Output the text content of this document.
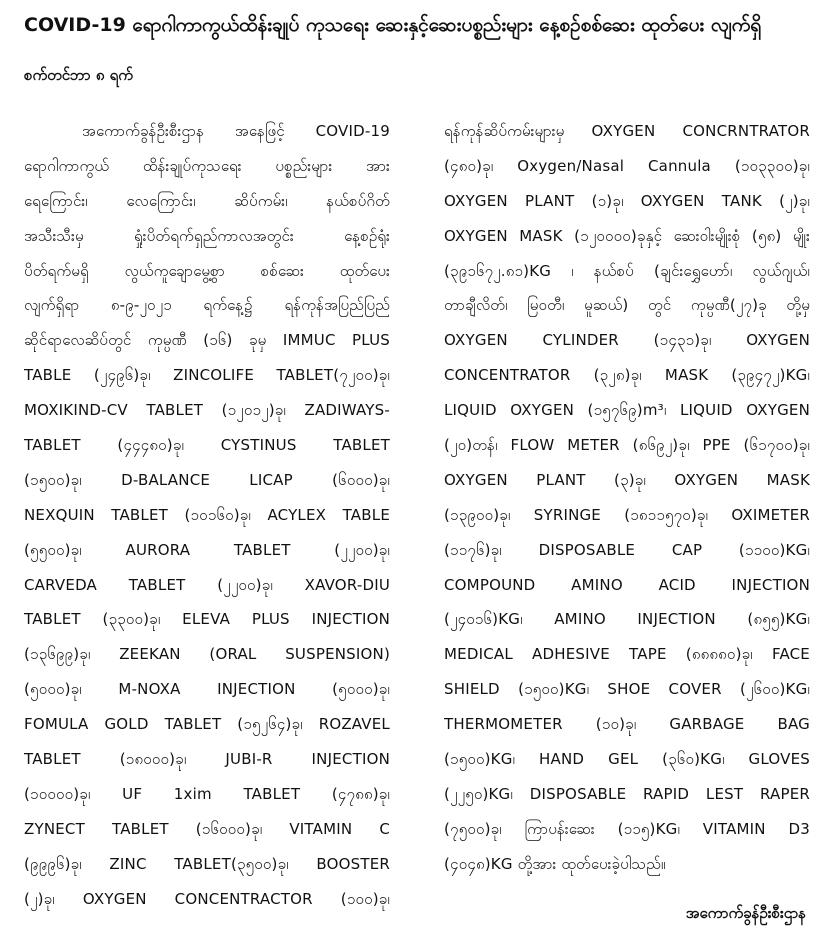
COVID-19 ရောဂါကာကွယ်ထိန်းချုပ် ကုသရေး ဆေးနှင့်ဆေးပစ္စည်းများ နေ့စဉ်စစ်ဆေး ထုတ်ပေး လျက်ရှိ
စက်တင်ဘာ ၈ ရက်
အကောက်ခွန်ဦးစီးဌာန အနေဖြင့် COVID-19
ရောဂါကာကွယ် ထိန်းချုပ်ကုသရေး ပစ္စည်းများ အား
ရေကြောင်း၊ လေကြောင်း၊ ဆိပ်ကမ်း၊ နယ်စပ်ဂိတ်
အသီးသီးမှ ရှုံးပိတ်ရက်ရှည်ကာလအတွင်း နေ့စဉ်ရုံး
ပိတ်ရက်မရှိ လွယ်ကူချောမွေ့စွာ စစ်ဆေး ထုတ်ပေး
လျက်ရှိရာ ၈-၉-၂၀၂၁ ရက်နေ့၌ ရန်ကုန်အပြည်ပြည်
ဆိုင်ရာလေဆိပ်တွင် ကုမ္ပဏီ (၁၆) ခုမှ IMMUC PLUS
TABLE (၂၄၉၆)ခု၊ ZINCOLIFE TABLET(၇၂၀၀)ခု၊
MOXIKIND-CV TABLET (၁၂၀၁၂)ခု၊ ZADIWAYS-
TABLET (၄၄၄၈၀)ခု၊ CYSTINUS TABLET
(၁၅၀၀)ခု၊ D-BALANCE LICAP (၆၀၀၀)ခု၊
NEXQUIN TABLET (၁၀၁၆၀)ခု၊ ACYLEX TABLE
(၅၅၀၀)ခု၊ AURORA TABLET (၂၂၀၀)ခု၊
CARVEDA TABLET (၂၂၀၀)ခု၊ XAVOR-DIU
TABLET (၃၃၀၀)ခု၊ ELEVA PLUS INJECTION
(၁၃၆၉၉)ခု၊ ZEEKAN (ORAL SUSPENSION)
(၅၀၀၀)ခု၊ M-NOXA INJECTION (၅၀၀၀)ခု၊
FOMULA GOLD TABLET (၁၅၂၆၄)ခု၊ ROZAVEL
TABLET (၁၈၀၀၀)ခု၊ JUBI-R INJECTION
(၁၀၀၀၀)ခု၊ UF 1xim TABLET (၄၇၈၈)ခု၊
ZYNECT TABLET (၁၆၀၀၀)ခု၊ VITAMIN C
(၉၉၉၆)ခု၊ ZINC TABLET(၃၅၀၀)ခု၊ BOOSTER
(၂)ခု၊ OXYGEN CONCENTRACTOR (၁၀၀)ခု၊
ရန်ကုန်ဆိပ်ကမ်းများမှ OXYGEN CONCRNTRATOR
(၄၈၀)ခု၊ Oxygen/Nasal Cannula (၁၀၃၃၀၀)ခု၊
OXYGEN PLANT (၁)ခု၊ OXYGEN TANK (၂)ခု၊
OXYGEN MASK (၁၂၀၀၀၀)ခုနှင့် ဆေးဝါးမျိုးစုံ (၅၈) မျိုး
(၃၉၁၆၇၂.၈၁)KG ၊ နယ်စပ် (ချင်းရွှေဟော်၊ လွယ်ဂျယ်၊
တာချီလိတ်၊ မြဝတီ၊ မူဆယ်) တွင် ကုမ္ပဏီ(၂၇)ခု တို့မှ
OXYGEN CYLINDER (၁၄၃၁)ခု၊ OXYGEN
CONCENTRATOR (၃၂၈)ခု၊ MASK (၃၉၄၇၂)KG၊
LIQUID OXYGEN (၁၅၇၆၉)m³၊ LIQUID OXYGEN
(၂၀)တန်၊ FLOW METER (၈၆၉၂)ခု၊ PPE (၆၁၇၀၀)ခု၊
OXYGEN PLANT (၃)ခု၊ OXYGEN MASK
(၁၃၉၀၀)ခု၊ SYRINGE (၁၈၁၁၅၇၀)ခု၊ OXIMETER
(၁၁၇၆)ခု၊ DISPOSABLE CAP (၁၁၀၀)KG၊
COMPOUND AMINO ACID INJECTION
(၂၄၀၁၆)KG၊ AMINO INJECTION (၈၅၅)KG၊
MEDICAL ADHESIVE TAPE (၈၈၈၈၀)ခု၊ FACE
SHIELD (၁၅၀၀)KG၊ SHOE COVER (၂၆၀၀)KG၊
THERMOMETER (၁၀)ခု၊ GARBAGE BAG
(၁၅၀၀)KG၊ HAND GEL (၃၆၀)KG၊ GLOVES
(၂၂၅၀)KG၊ DISPOSABLE RAPID LEST RAPER
(၇၅၀၀)ခု၊ ကြာပန်းဆေး (၁၁၅)KG၊ VITAMIN D3
(၄၀၄၈)KG တို့အား ထုတ်ပေးခဲ့ပါသည်။
အကောက်ခွန်ဦးစီးဌာန
